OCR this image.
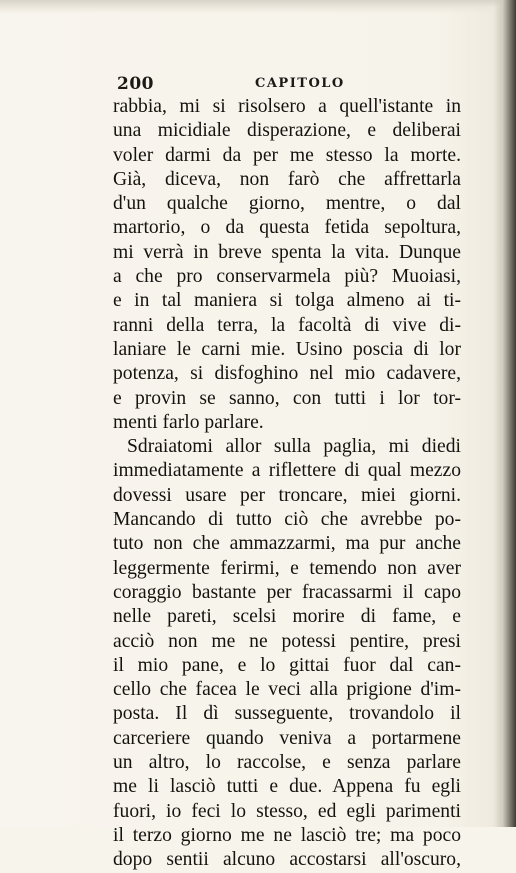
200	CAPITOLO
rabbia, mi si risolsero a quell'istante in
una micidiale disperazione, e deliberai
voler darmi da per me stesso la morte.
Già, diceva, non farò che affrettarla
d'un qualche giorno, mentre, o dal
martorio, o da questa fetida sepoltura,
mi verrà in breve spenta la vita. Dunque
a che pro conservarmela più? Muoiasi,
e in tal maniera si tolga almeno ai ti-
ranni della terra, la facoltà di vive di-
laniare le carni mie. Usino poscia di lor
potenza, si disfoghino nel mio cadavere,
e provin se sanno, con tutti i lor tor-
menti farlo parlare.
Sdraiatomi allor sulla paglia, mi diedi
immediatamente a riflettere di qual mezzo
dovessi usare per troncare, miei giorni.
Mancando di tutto ciò che avrebbe po-
tuto non che ammazzarmi, ma pur anche
leggermente ferirmi, e temendo non aver
coraggio bastante per fracassarmi il capo
nelle pareti, scelsi morire di fame, e
acciò non me ne potessi pentire, presi
il mio pane, e lo gittai fuor dal can-
cello che facea le veci alla prigione d'im-
posta. Il dì susseguente, trovandolo il
carceriere quando veniva a portarmene
un altro, lo raccolse, e senza parlare
me li lasciò tutti e due. Appena fu egli
fuori, io feci lo stesso, ed egli parimenti
il terzo giorno me ne lasciò tre; ma poco
dopo sentii alcuno accostarsi all'oscuro,
